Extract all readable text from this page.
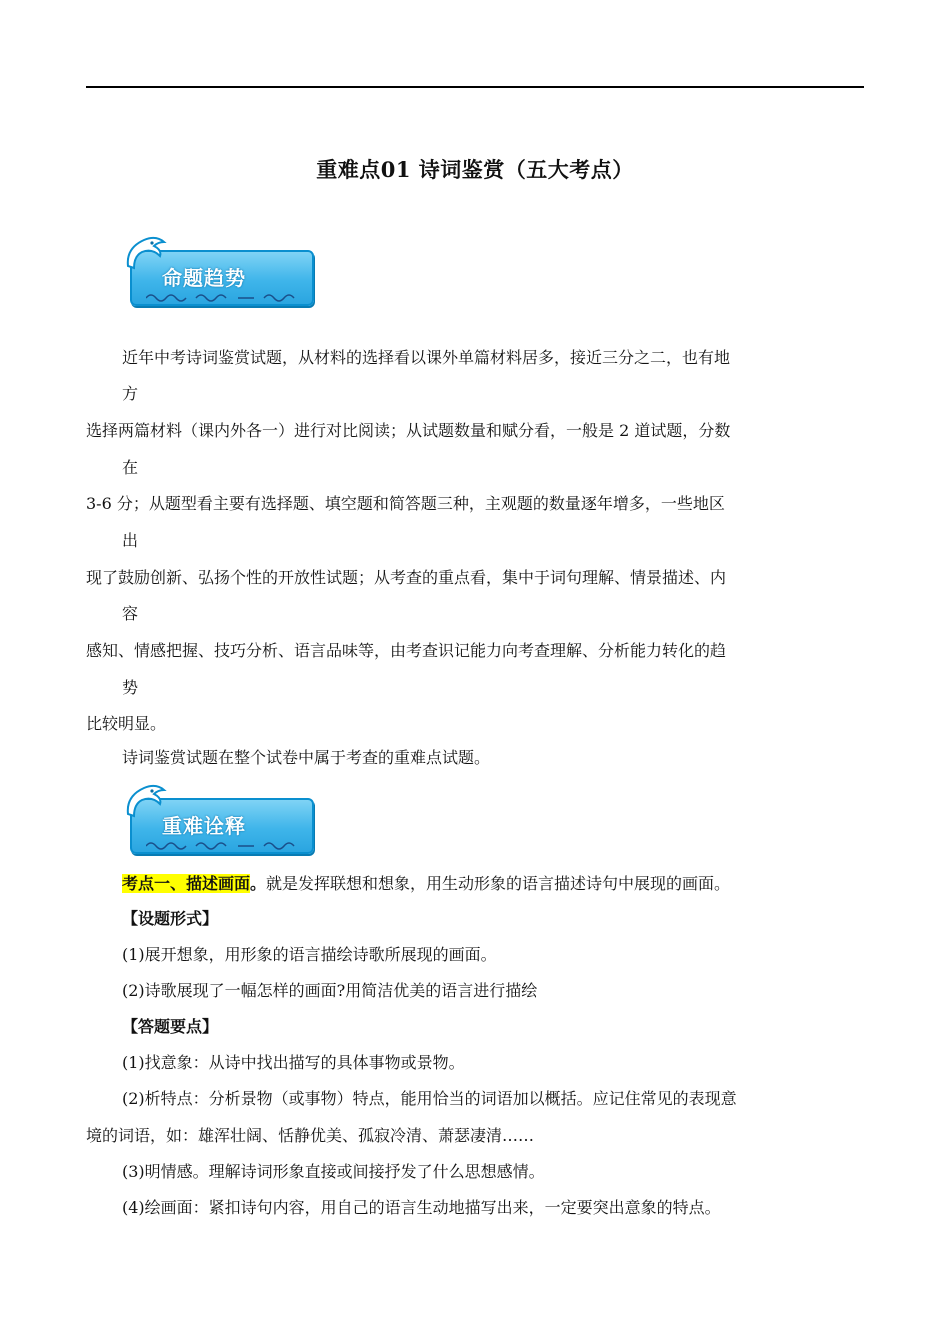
重难点01 诗词鉴赏（五大考点）
命题趋势
近年中考诗词鉴赏试题，从材料的选择看以课外单篇材料居多，接近三分之二，也有地
方
选择两篇材料（课内外各一）进行对比阅读；从试题数量和赋分看，一般是 2 道试题，分数
在
3-6 分；从题型看主要有选择题、填空题和简答题三种，主观题的数量逐年增多，一些地区
出
现了鼓励创新、弘扬个性的开放性试题；从考查的重点看，集中于词句理解、情景描述、内
容
感知、情感把握、技巧分析、语言品味等，由考查识记能力向考查理解、分析能力转化的趋
势
比较明显。
诗词鉴赏试题在整个试卷中属于考查的重难点试题。
重难诠释
考点一、描述画面。就是发挥联想和想象，用生动形象的语言描述诗句中展现的画面。
【设题形式】
(1)展开想象，用形象的语言描绘诗歌所展现的画面。
(2)诗歌展现了一幅怎样的画面?用简洁优美的语言进行描绘
【答题要点】
(1)找意象：从诗中找出描写的具体事物或景物。
(2)析特点：分析景物（或事物）特点，能用恰当的词语加以概括。应记住常见的表现意
境的词语，如：雄浑壮阔、恬静优美、孤寂冷清、萧瑟凄清……
(3)明情感。理解诗词形象直接或间接抒发了什么思想感情。
(4)绘画面：紧扣诗句内容，用自己的语言生动地描写出来，一定要突出意象的特点。
